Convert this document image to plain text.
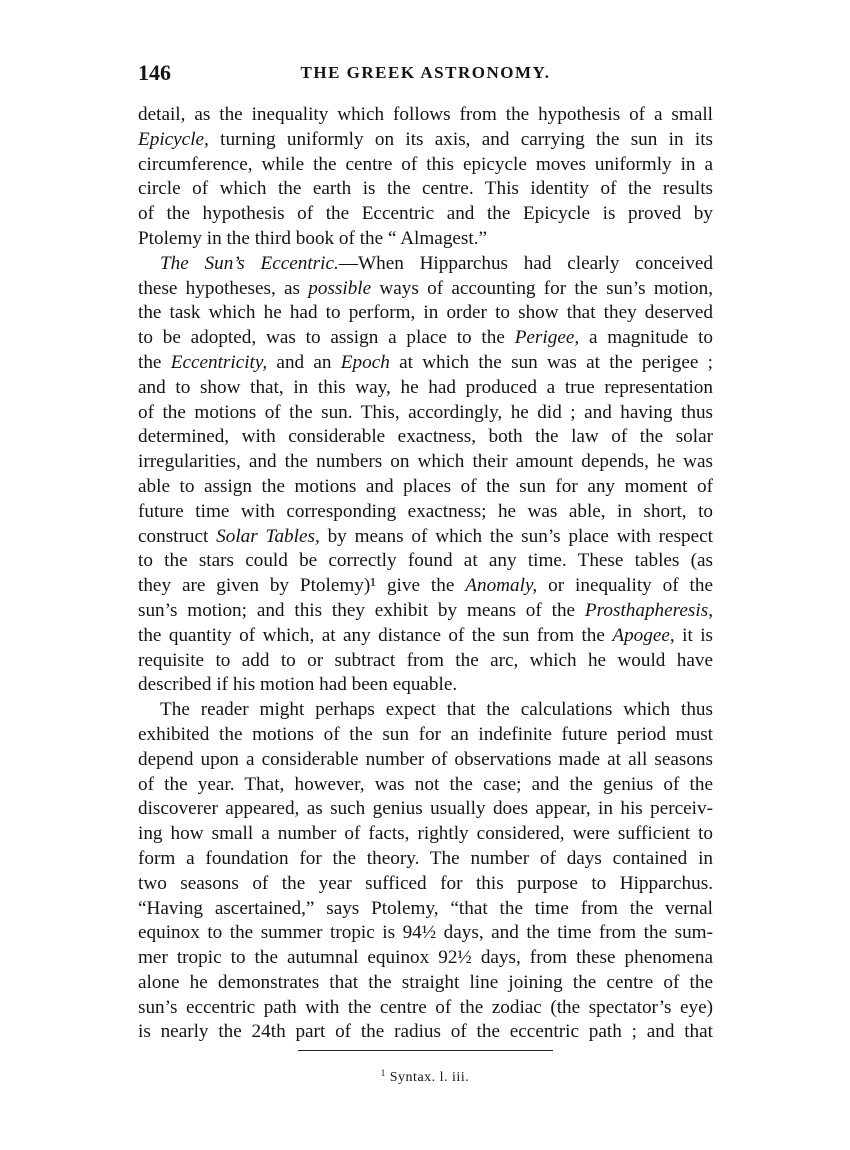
146	THE GREEK ASTRONOMY.
detail, as the inequality which follows from the hypothesis of a small
Epicycle, turning uniformly on its axis, and carrying the sun in its
circumference, while the centre of this epicycle moves uniformly in a
circle of which the earth is the centre. This identity of the results
of the hypothesis of the Eccentric and the Epicycle is proved by
Ptolemy in the third book of the “ Almagest.”
The Sun’s Eccentric.—When Hipparchus had clearly conceived
these hypotheses, as possible ways of accounting for the sun’s motion,
the task which he had to perform, in order to show that they deserved
to be adopted, was to assign a place to the Perigee, a magnitude to
the Eccentricity, and an Epoch at which the sun was at the perigee ;
and to show that, in this way, he had produced a true representation
of the motions of the sun. This, accordingly, he did ; and having thus
determined, with considerable exactness, both the law of the solar
irregularities, and the numbers on which their amount depends, he was
able to assign the motions and places of the sun for any moment of
future time with corresponding exactness; he was able, in short, to
construct Solar Tables, by means of which the sun’s place with respect
to the stars could be correctly found at any time. These tables (as
they are given by Ptolemy)¹ give the Anomaly, or inequality of the
sun’s motion; and this they exhibit by means of the Prosthapheresis,
the quantity of which, at any distance of the sun from the Apogee, it is
requisite to add to or subtract from the arc, which he would have
described if his motion had been equable.
The reader might perhaps expect that the calculations which thus
exhibited the motions of the sun for an indefinite future period must
depend upon a considerable number of observations made at all seasons
of the year. That, however, was not the case; and the genius of the
discoverer appeared, as such genius usually does appear, in his perceiv-
ing how small a number of facts, rightly considered, were sufficient to
form a foundation for the theory. The number of days contained in
two seasons of the year sufficed for this purpose to Hipparchus.
“Having ascertained,” says Ptolemy, “that the time from the vernal
equinox to the summer tropic is 94½ days, and the time from the sum-
mer tropic to the autumnal equinox 92½ days, from these phenomena
alone he demonstrates that the straight line joining the centre of the
sun’s eccentric path with the centre of the zodiac (the spectator’s eye)
is nearly the 24th part of the radius of the eccentric path ; and that
$^1$ Syntax. l. iii.
